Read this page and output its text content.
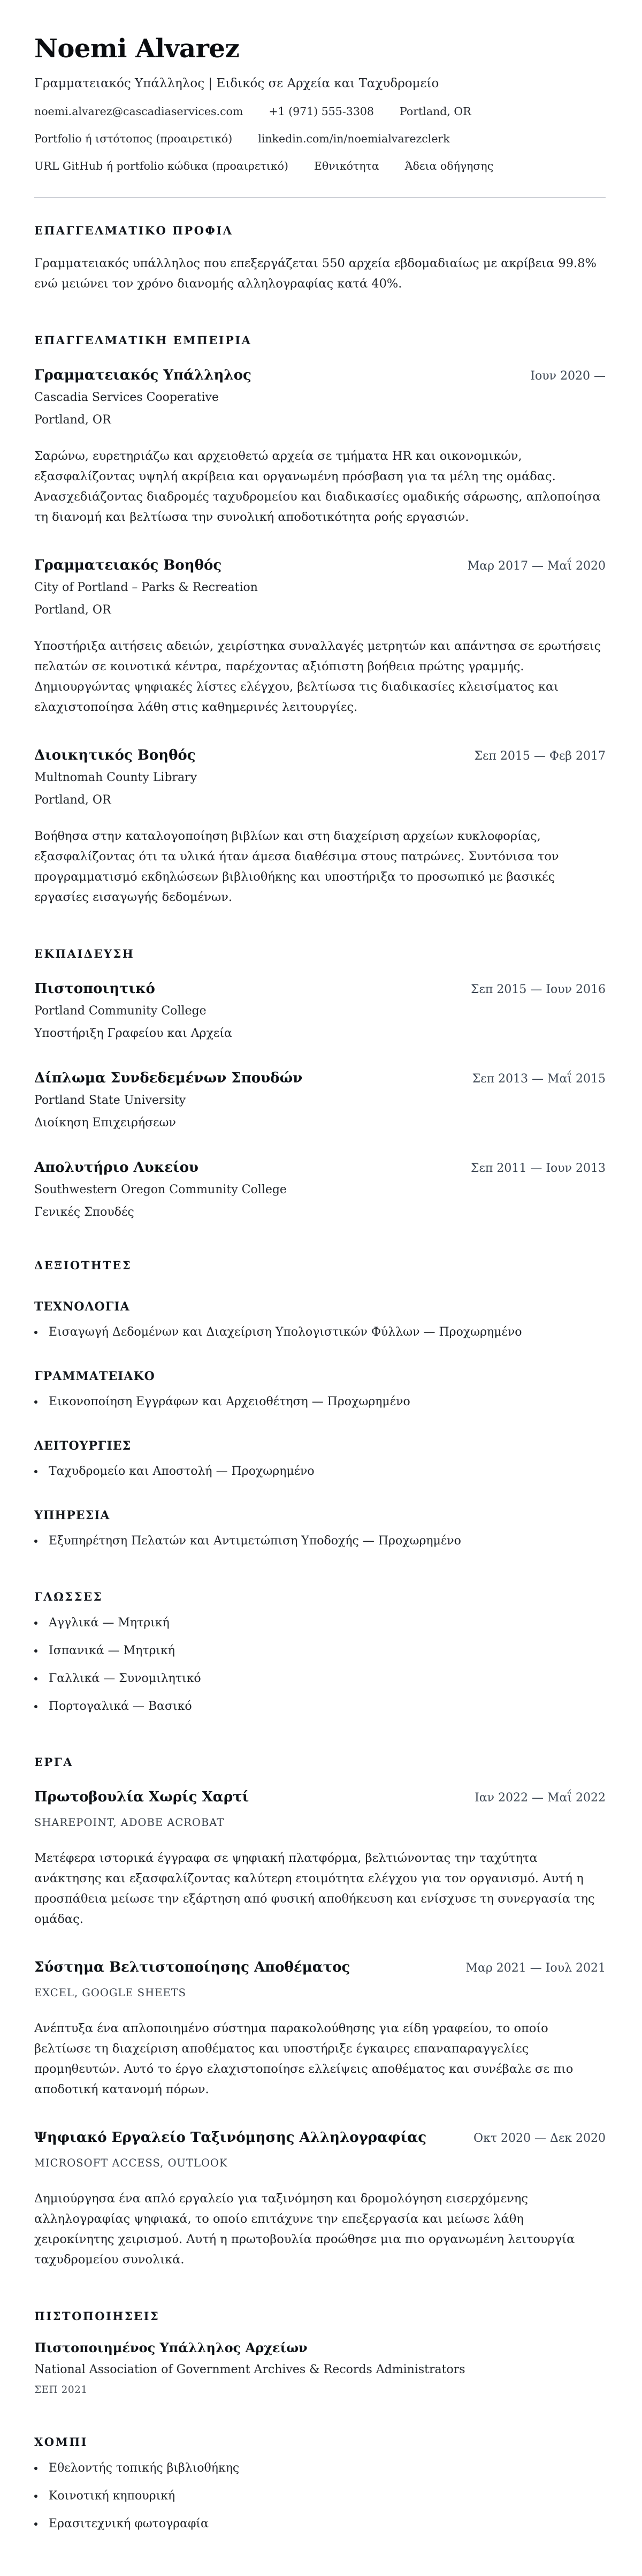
Noemi Alvarez
Γραμματειακός Υπάλληλος | Ειδικός σε Αρχεία και Ταχυδρομείο
noemi.alvarez@cascadiaservices.com +1 (971) 555-3308 Portland, OR
Portfolio ή ιστότοπος (προαιρετικό) linkedin.com/in/noemialvarezclerk
URL GitHub ή portfolio κώδικα (προαιρετικό) Εθνικότητα Άδεια οδήγησης
ΕΠΑΓΓΕΛΜΑΤΙΚΟ ΠΡΟΦΙΛ

Γραμματειακός υπάλληλος που επεξεργάζεται 550 αρχεία εβδομαδιαίως με ακρίβεια 99.8% ενώ μειώνει τον χρόνο διανομής αλληλογραφίας κατά 40%.

ΕΠΑΓΓΕΛΜΑΤΙΚΗ ΕΜΠΕΙΡΙΑ
Γραμματειακός Υπάλληλος	Ιουν 2020 —
Cascadia Services Cooperative
Portland, OR

Σαρώνω, ευρετηριάζω και αρχειοθετώ αρχεία σε τμήματα HR και οικονομικών, εξασφαλίζοντας υψηλή ακρίβεια και οργανωμένη πρόσβαση για τα μέλη της ομάδας. Ανασχεδιάζοντας διαδρομές ταχυδρομείου και διαδικασίες ομαδικής σάρωσης, απλοποίησα τη διανομή και βελτίωσα την συνολική αποδοτικότητα ροής εργασιών.

Γραμματειακός Βοηθός	Μαρ 2017 — Μαΐ 2020
City of Portland – Parks & Recreation
Portland, OR

Υποστήριξα αιτήσεις αδειών, χειρίστηκα συναλλαγές μετρητών και απάντησα σε ερωτήσεις πελατών σε κοινοτικά κέντρα, παρέχοντας αξιόπιστη βοήθεια πρώτης γραμμής. Δημιουργώντας ψηφιακές λίστες ελέγχου, βελτίωσα τις διαδικασίες κλεισίματος και ελαχιστοποίησα λάθη στις καθημερινές λειτουργίες.

Διοικητικός Βοηθός	Σεπ 2015 — Φεβ 2017
Multnomah County Library
Portland, OR

Βοήθησα στην καταλογοποίηση βιβλίων και στη διαχείριση αρχείων κυκλοφορίας, εξασφαλίζοντας ότι τα υλικά ήταν άμεσα διαθέσιμα στους πατρώνες. Συντόνισα τον προγραμματισμό εκδηλώσεων βιβλιοθήκης και υποστήριξα το προσωπικό με βασικές εργασίες εισαγωγής δεδομένων.

ΕΚΠΑΙΔΕΥΣΗ
Πιστοποιητικό	Σεπ 2015 — Ιουν 2016
Portland Community College
Υποστήριξη Γραφείου και Αρχεία
Δίπλωμα Συνδεδεμένων Σπουδών	Σεπ 2013 — Μαΐ 2015
Portland State University
Διοίκηση Επιχειρήσεων
Απολυτήριο Λυκείου	Σεπ 2011 — Ιουν 2013
Southwestern Oregon Community College
Γενικές Σπουδές
ΔΕΞΙΟΤΗΤΕΣ
ΤΕΧΝΟΛΟΓΙΑ
Εισαγωγή Δεδομένων και Διαχείριση Υπολογιστικών Φύλλων — Προχωρημένο
ΓΡΑΜΜΑΤΕΙΑΚΟ
Εικονοποίηση Εγγράφων και Αρχειοθέτηση — Προχωρημένο
ΛΕΙΤΟΥΡΓΙΕΣ
Ταχυδρομείο και Αποστολή — Προχωρημένο
ΥΠΗΡΕΣΙΑ
Εξυπηρέτηση Πελατών και Αντιμετώπιση Υποδοχής — Προχωρημένο
ΓΛΩΣΣΕΣ
Αγγλικά — Μητρική
Ισπανικά — Μητρική
Γαλλικά — Συνομιλητικό
Πορτογαλικά — Βασικό
ΕΡΓΑ
Πρωτοβουλία Χωρίς Χαρτί	Ιαν 2022 — Μαΐ 2022
SHAREPOINT, ADOBE ACROBAT

Μετέφερα ιστορικά έγγραφα σε ψηφιακή πλατφόρμα, βελτιώνοντας την ταχύτητα ανάκτησης και εξασφαλίζοντας καλύτερη ετοιμότητα ελέγχου για τον οργανισμό. Αυτή η προσπάθεια μείωσε την εξάρτηση από φυσική αποθήκευση και ενίσχυσε τη συνεργασία της ομάδας.

Σύστημα Βελτιστοποίησης Αποθέματος	Μαρ 2021 — Ιουλ 2021
EXCEL, GOOGLE SHEETS

Ανέπτυξα ένα απλοποιημένο σύστημα παρακολούθησης για είδη γραφείου, το οποίο βελτίωσε τη διαχείριση αποθέματος και υποστήριξε έγκαιρες επαναπαραγγελίες προμηθευτών. Αυτό το έργο ελαχιστοποίησε ελλείψεις αποθέματος και συνέβαλε σε πιο αποδοτική κατανομή πόρων.

Ψηφιακό Εργαλείο Ταξινόμησης Αλληλογραφίας	Οκτ 2020 — Δεκ 2020
MICROSOFT ACCESS, OUTLOOK

Δημιούργησα ένα απλό εργαλείο για ταξινόμηση και δρομολόγηση εισερχόμενης αλληλογραφίας ψηφιακά, το οποίο επιτάχυνε την επεξεργασία και μείωσε λάθη χειροκίνητης χειρισμού. Αυτή η πρωτοβουλία προώθησε μια πιο οργανωμένη λειτουργία ταχυδρομείου συνολικά.

ΠΙΣΤΟΠΟΙΗΣΕΙΣ
Πιστοποιημένος Υπάλληλος Αρχείων
National Association of Government Archives & Records Administrators
ΣΕΠ 2021
ΧΟΜΠΙ
Εθελοντής τοπικής βιβλιοθήκης
Κοινοτική κηπουρική
Ερασιτεχνική φωτογραφία
